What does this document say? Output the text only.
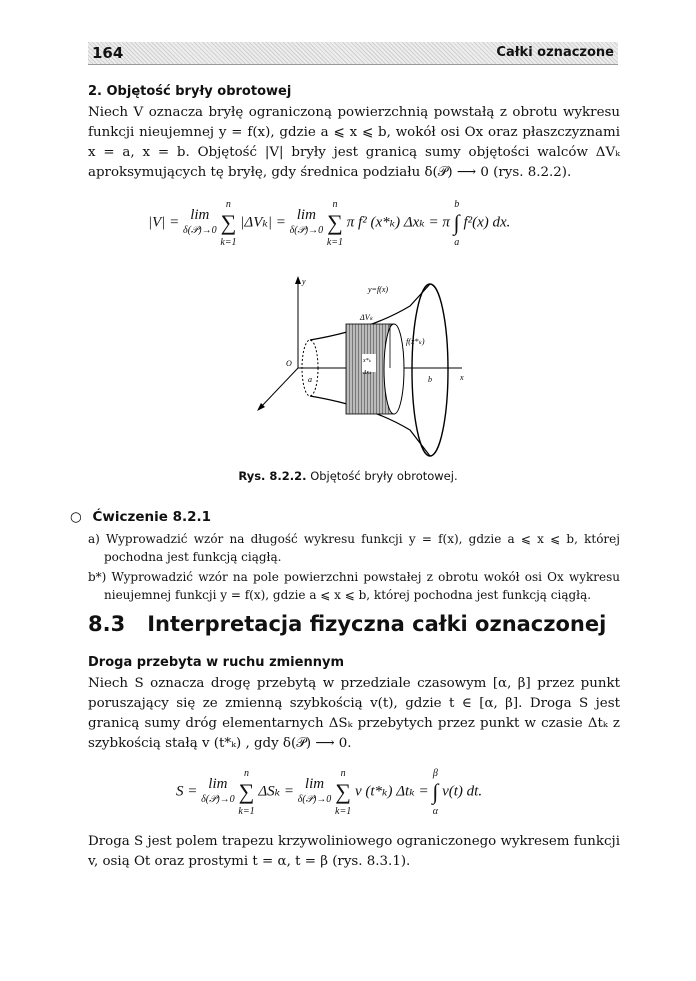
164	Całki oznaczone
2. Objętość bryły obrotowej
Niech V oznacza bryłę ograniczoną powierzchnią powstałą z obrotu wykresu funkcji nieujemnej y = f(x), gdzie a ⩽ x ⩽ b, wokół osi Ox oraz płaszczyznami x = a, x = b. Objętość |V| bryły jest granicą sumy objętości walców ΔVₖ aproksymujących tę bryłę, gdy średnica podziału δ(𝒫) ⟶ 0 (rys. 8.2.2).
|V| = lim
δ(𝒫)→0 n
∑
k=1 |ΔVₖ| = lim
δ(𝒫)→0 n
∑
k=1 π f² (x*ₖ) Δxₖ = π b
∫
a f²(x) dx.
y
x
O
a	b
y=f(x)
ΔVₖ
f(x*ₖ)
x*ₖ
Δxₖ
Rys. 8.2.2. Objętość bryły obrotowej.
○ Ćwiczenie 8.2.1

a) Wyprowadzić wzór na długość wykresu funkcji y = f(x), gdzie a ⩽ x ⩽ b, której pochodna jest funkcją ciągłą.

b*) Wyprowadzić wzór na pole powierzchni powstałej z obrotu wokół osi Ox wykresu nieujemnej funkcji y = f(x), gdzie a ⩽ x ⩽ b, której pochodna jest funkcją ciągłą.

8.3 Interpretacja fizyczna całki oznaczonej
Droga przebyta w ruchu zmiennym
Niech S oznacza drogę przebytą w przedziale czasowym [α, β] przez punkt poruszający się ze zmienną szybkością v(t), gdzie t ∈ [α, β]. Droga S jest granicą sumy dróg elementarnych ΔSₖ przebytych przez punkt w czasie Δtₖ z szybkością stałą v (t*ₖ) , gdy δ(𝒫) ⟶ 0.
S = lim
δ(𝒫)→0 n
∑
k=1 ΔSₖ = lim
δ(𝒫)→0 n
∑
k=1 v (t*ₖ) Δtₖ = β
∫
α v(t) dt.
Droga S jest polem trapezu krzywoliniowego ograniczonego wykresem funkcji v, osią Ot oraz prostymi t = α, t = β (rys. 8.3.1).
